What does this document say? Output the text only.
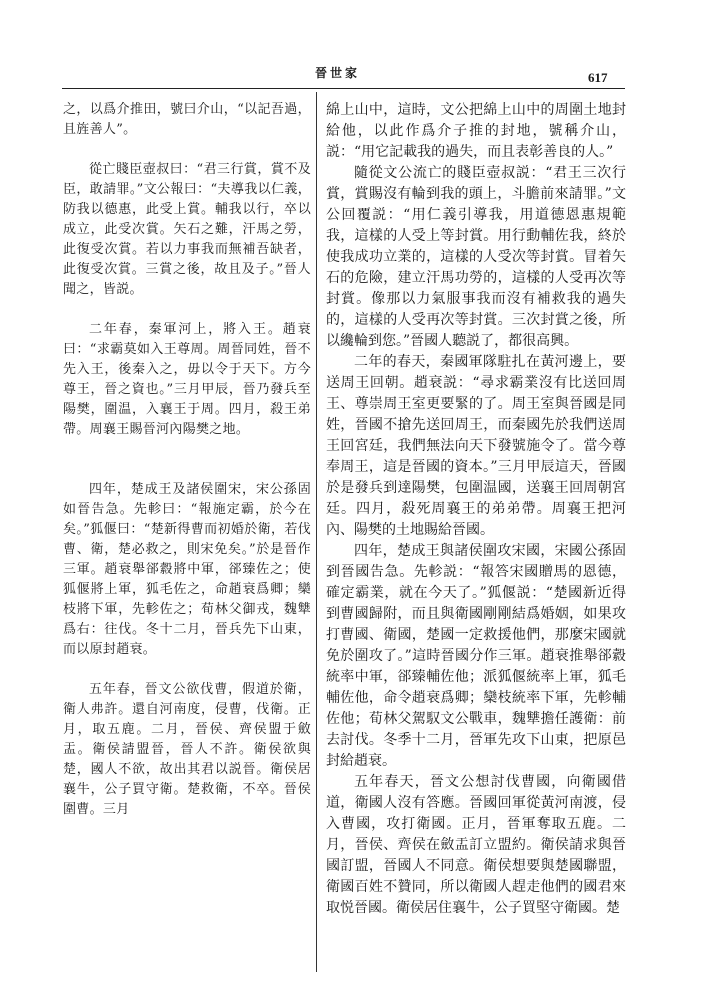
晉世家	617

之，以爲介推田，號曰介山，“以記吾過，且旌善人”。

從亡賤臣壺叔曰：“君三行賞，賞不及臣，敢請罪。”文公報曰：“夫導我以仁義，防我以德惠，此受上賞。輔我以行，卒以成立，此受次賞。矢石之難，汗馬之勞，此復受次賞。若以力事我而無補吾缺者，此復受次賞。三賞之後，故且及子。”晉人聞之，皆説。

二年春，秦軍河上，將入王。趙衰曰：“求霸莫如入王尊周。周晉同姓，晉不先入王，後秦入之，毋以令于天下。方今尊王，晉之資也。”三月甲辰，晉乃發兵至陽樊，圍温，入襄王于周。四月，殺王弟帶。周襄王賜晉河內陽樊之地。

四年，楚成王及諸侯圍宋，宋公孫固如晉告急。先軫曰：“報施定霸，於今在矣。”狐偃曰：“楚新得曹而初婚於衛，若伐曹、衛，楚必救之，則宋免矣。”於是晉作三軍。趙衰舉郤縠將中軍，郤臻佐之；使狐偃將上軍，狐毛佐之，命趙衰爲卿；欒枝將下軍，先軫佐之；荀林父御戎，魏犨爲右：往伐。冬十二月，晉兵先下山東，而以原封趙衰。

五年春，晉文公欲伐曹，假道於衛，衛人弗許。還自河南度，侵曹，伐衛。正月，取五鹿。二月，晉侯、齊侯盟于斂盂。衛侯請盟晉，晉人不許。衛侯欲與楚，國人不欲，故出其君以説晉。衛侯居襄牛，公子買守衛。楚救衛，不卒。晉侯圍曹。三月

綿上山中，這時，文公把綿上山中的周圍土地封給他，以此作爲介子推的封地，號稱介山，説：“用它記載我的過失，而且表彰善良的人。”

隨從文公流亡的賤臣壺叔説：“君王三次行賞，賞賜沒有輪到我的頭上，斗膽前來請罪。”文公回覆説：“用仁義引導我，用道德恩惠規範我，這樣的人受上等封賞。用行動輔佐我，終於使我成功立業的，這樣的人受次等封賞。冒着矢石的危險，建立汗馬功勞的，這樣的人受再次等封賞。像那以力氣服事我而沒有補救我的過失的，這樣的人受再次等封賞。三次封賞之後，所以纔輪到您。”晉國人聽説了，都很高興。

二年的春天，秦國軍隊駐扎在黃河邊上，要送周王回朝。趙衰説：“尋求霸業沒有比送回周王、尊崇周王室更要緊的了。周王室與晉國是同姓，晉國不搶先送回周王，而秦國先於我們送周王回宮廷，我們無法向天下發號施令了。當今尊奉周王，這是晉國的資本。”三月甲辰這天，晉國於是發兵到達陽樊，包圍温國，送襄王回周朝宮廷。四月，殺死周襄王的弟弟帶。周襄王把河內、陽樊的土地賜給晉國。

四年，楚成王與諸侯圍攻宋國，宋國公孫固到晉國告急。先軫説：“報答宋國贈馬的恩德，確定霸業，就在今天了。”狐偃説：“楚國新近得到曹國歸附，而且與衛國剛剛結爲婚姻，如果攻打曹國、衛國，楚國一定救援他們，那麼宋國就免於圍攻了。”這時晉國分作三軍。趙衰推舉郤縠統率中軍，郤臻輔佐他；派狐偃統率上軍，狐毛輔佐他，命令趙衰爲卿；欒枝統率下軍，先軫輔佐他；荀林父駕馭文公戰車，魏犨擔任護衛：前去討伐。冬季十二月，晉軍先攻下山東，把原邑封給趙衰。

五年春天，晉文公想討伐曹國，向衛國借道，衛國人沒有答應。晉國回軍從黃河南渡，侵入曹國，攻打衛國。正月，晉軍奪取五鹿。二月，晉侯、齊侯在斂盂訂立盟約。衛侯請求與晉國訂盟，晉國人不同意。衛侯想要與楚國聯盟，衛國百姓不贊同，所以衛國人趕走他們的國君來取悦晉國。衛侯居住襄牛，公子買堅守衛國。楚
